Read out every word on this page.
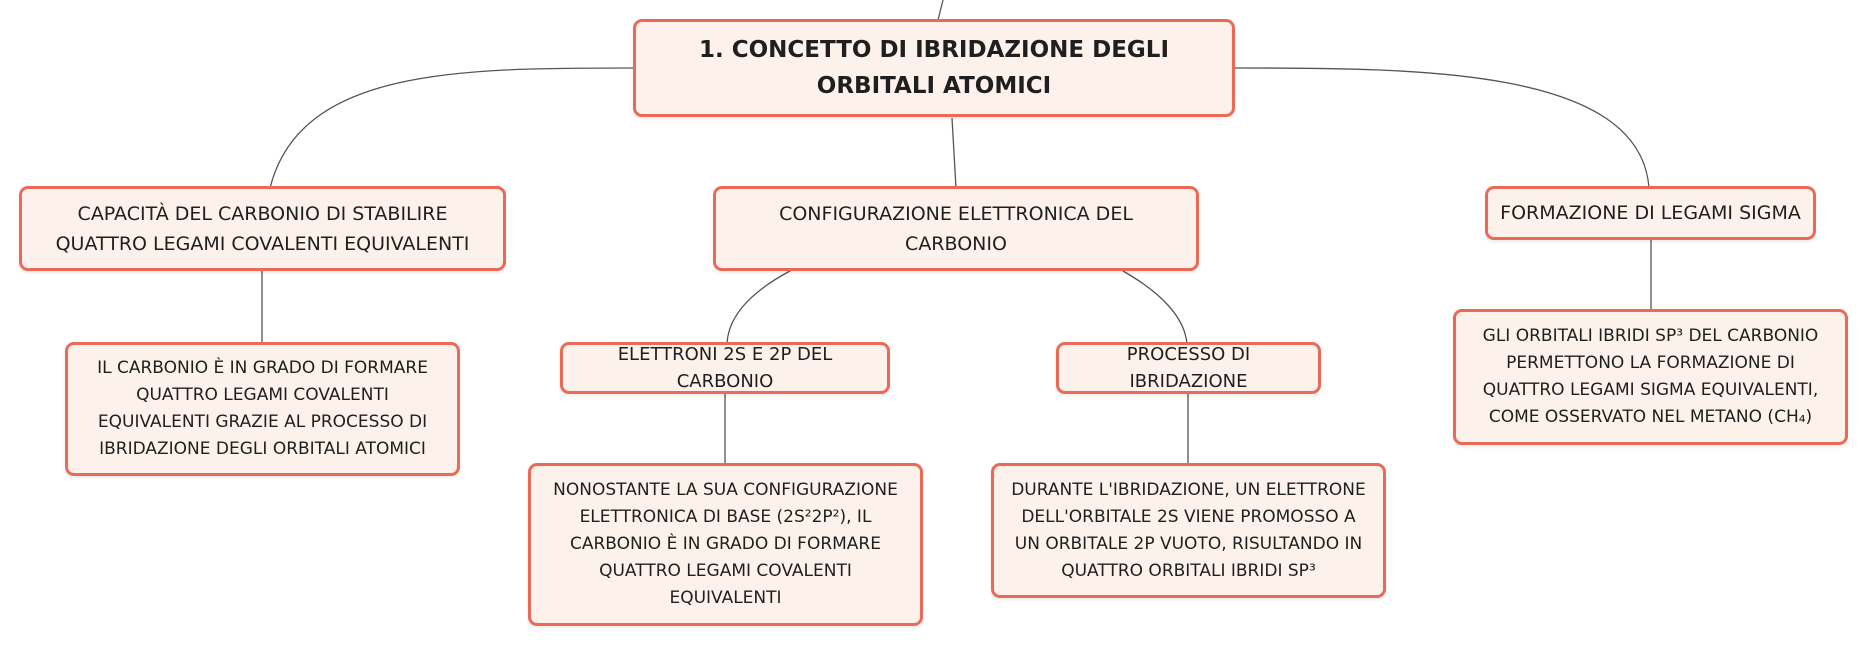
1. CONCETTO DI IBRIDAZIONE DEGLI ORBITALI ATOMICI
CAPACITÀ DEL CARBONIO DI STABILIRE QUATTRO LEGAMI COVALENTI EQUIVALENTI
CONFIGURAZIONE ELETTRONICA DEL CARBONIO
FORMAZIONE DI LEGAMI SIGMA
IL CARBONIO È IN GRADO DI FORMARE QUATTRO LEGAMI COVALENTI EQUIVALENTI GRAZIE AL PROCESSO DI IBRIDAZIONE DEGLI ORBITALI ATOMICI
ELETTRONI 2S E 2P DEL CARBONIO
PROCESSO DI IBRIDAZIONE
GLI ORBITALI IBRIDI SP³ DEL CARBONIO PERMETTONO LA FORMAZIONE DI QUATTRO LEGAMI SIGMA EQUIVALENTI, COME OSSERVATO NEL METANO (CH₄)
NONOSTANTE LA SUA CONFIGURAZIONE ELETTRONICA DI BASE (2S²2P²), IL CARBONIO È IN GRADO DI FORMARE QUATTRO LEGAMI COVALENTI EQUIVALENTI
DURANTE L'IBRIDAZIONE, UN ELETTRONE DELL'ORBITALE 2S VIENE PROMOSSO A UN ORBITALE 2P VUOTO, RISULTANDO IN QUATTRO ORBITALI IBRIDI SP³
